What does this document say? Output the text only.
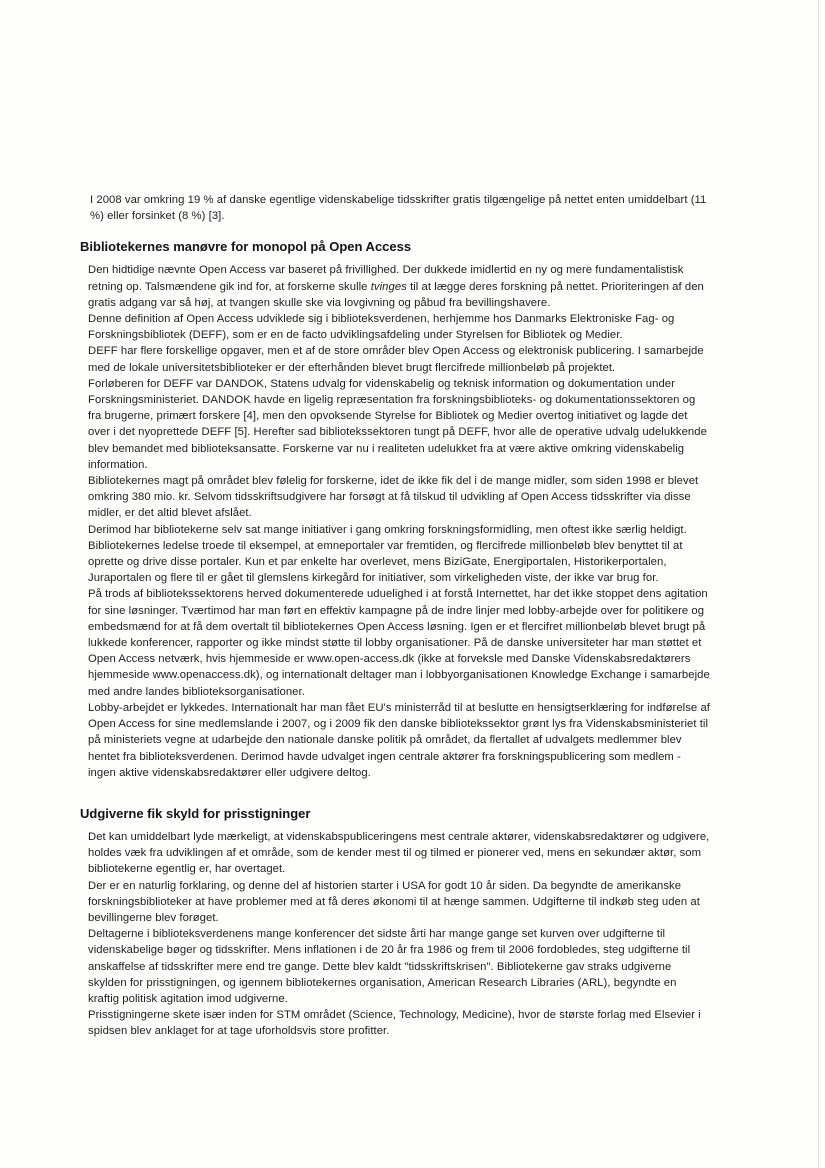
I 2008 var omkring 19 % af danske egentlige videnskabelige tidsskrifter gratis tilgængelige på nettet enten umiddelbart (11 %) eller forsinket (8 %) [3].

Bibliotekernes manøvre for monopol på Open Access

Den hidtidige nævnte Open Access var baseret på frivillighed. Der dukkede imidlertid en ny og mere fundamentalistisk retning op. Talsmændene gik ind for, at forskerne skulle tvinges til at lægge deres forskning på nettet. Prioriteringen af den gratis adgang var så høj, at tvangen skulle ske via lovgivning og påbud fra bevillingshavere.

Denne definition af Open Access udviklede sig i biblioteksverdenen, herhjemme hos Danmarks Elektroniske Fag- og Forskningsbibliotek (DEFF), som er en de facto udviklingsafdeling under Styrelsen for Bibliotek og Medier.

DEFF har flere forskellige opgaver, men et af de store områder blev Open Access og elektronisk publicering. I samarbejde med de lokale universitetsbiblioteker er der efterhånden blevet brugt flercifrede millionbeløb på projektet.

Forløberen for DEFF var DANDOK, Statens udvalg for videnskabelig og teknisk information og dokumentation under Forskningsministeriet. DANDOK havde en ligelig repræsentation fra forskningsbiblioteks- og dokumentationssektoren og fra brugerne, primært forskere [4], men den opvoksende Styrelse for Bibliotek og Medier overtog initiativet og lagde det over i det nyoprettede DEFF [5]. Herefter sad bibliotekssektoren tungt på DEFF, hvor alle de operative udvalg udelukkende blev bemandet med biblioteksansatte. Forskerne var nu i realiteten udelukket fra at være aktive omkring videnskabelig information.

Bibliotekernes magt på området blev følelig for forskerne, idet de ikke fik del i de mange midler, som siden 1998 er blevet omkring 380 mio. kr. Selvom tidsskriftsudgivere har forsøgt at få tilskud til udvikling af Open Access tidsskrifter via disse midler, er det altid blevet afslået.

Derimod har bibliotekerne selv sat mange initiativer i gang omkring forskningsformidling, men oftest ikke særlig heldigt. Bibliotekernes ledelse troede til eksempel, at emneportaler var fremtiden, og flercifrede millionbeløb blev benyttet til at oprette og drive disse portaler. Kun et par enkelte har overlevet, mens BiziGate, Energiportalen, Historikerportalen, Juraportalen og flere til er gået til glemslens kirkegård for initiativer, som virkeligheden viste, der ikke var brug for.

På trods af bibliotekssektorens herved dokumenterede uduelighed i at forstå Internettet, har det ikke stoppet dens agitation for sine løsninger. Tværtimod har man ført en effektiv kampagne på de indre linjer med lobby-arbejde over for politikere og embedsmænd for at få dem overtalt til bibliotekernes Open Access løsning. Igen er et flercifret millionbeløb blevet brugt på lukkede konferencer, rapporter og ikke mindst støtte til lobby organisationer. På de danske universiteter har man støttet et Open Access netværk, hvis hjemmeside er www.open-access.dk (ikke at forveksle med Danske Videnskabsredaktørers hjemmeside www.openaccess.dk), og internationalt deltager man i lobbyorganisationen Knowledge Exchange i samarbejde med andre landes biblioteksorganisationer.

Lobby-arbejdet er lykkedes. Internationalt har man fået EU's ministerråd til at beslutte en hensigtserklæring for indførelse af Open Access for sine medlemslande i 2007, og i 2009 fik den danske bibliotekssektor grønt lys fra Videnskabsministeriet til på ministeriets vegne at udarbejde den nationale danske politik på området, da flertallet af udvalgets medlemmer blev hentet fra biblioteksverdenen. Derimod havde udvalget ingen centrale aktører fra forskningspublicering som medlem - ingen aktive videnskabsredaktører eller udgivere deltog.

Udgiverne fik skyld for prisstigninger

Det kan umiddelbart lyde mærkeligt, at videnskabspubliceringens mest centrale aktører, videnskabsredaktører og udgivere, holdes væk fra udviklingen af et område, som de kender mest til og tilmed er pionerer ved, mens en sekundær aktør, som bibliotekerne egentlig er, har overtaget.

Der er en naturlig forklaring, og denne del af historien starter i USA for godt 10 år siden. Da begyndte de amerikanske forskningsbiblioteker at have problemer med at få deres økonomi til at hænge sammen. Udgifterne til indkøb steg uden at bevillingerne blev forøget.

Deltagerne i biblioteksverdenens mange konferencer det sidste årti har mange gange set kurven over udgifterne til videnskabelige bøger og tidsskrifter. Mens inflationen i de 20 år fra 1986 og frem til 2006 fordobledes, steg udgifterne til anskaffelse af tidsskrifter mere end tre gange. Dette blev kaldt "tidsskriftskrisen". Bibliotekerne gav straks udgiverne skylden for prisstigningen, og igennem bibliotekernes organisation, American Research Libraries (ARL), begyndte en kraftig politisk agitation imod udgiverne.

Prisstigningerne skete især inden for STM området (Science, Technology, Medicine), hvor de største forlag med Elsevier i spidsen blev anklaget for at tage uforholdsvis store profitter.
